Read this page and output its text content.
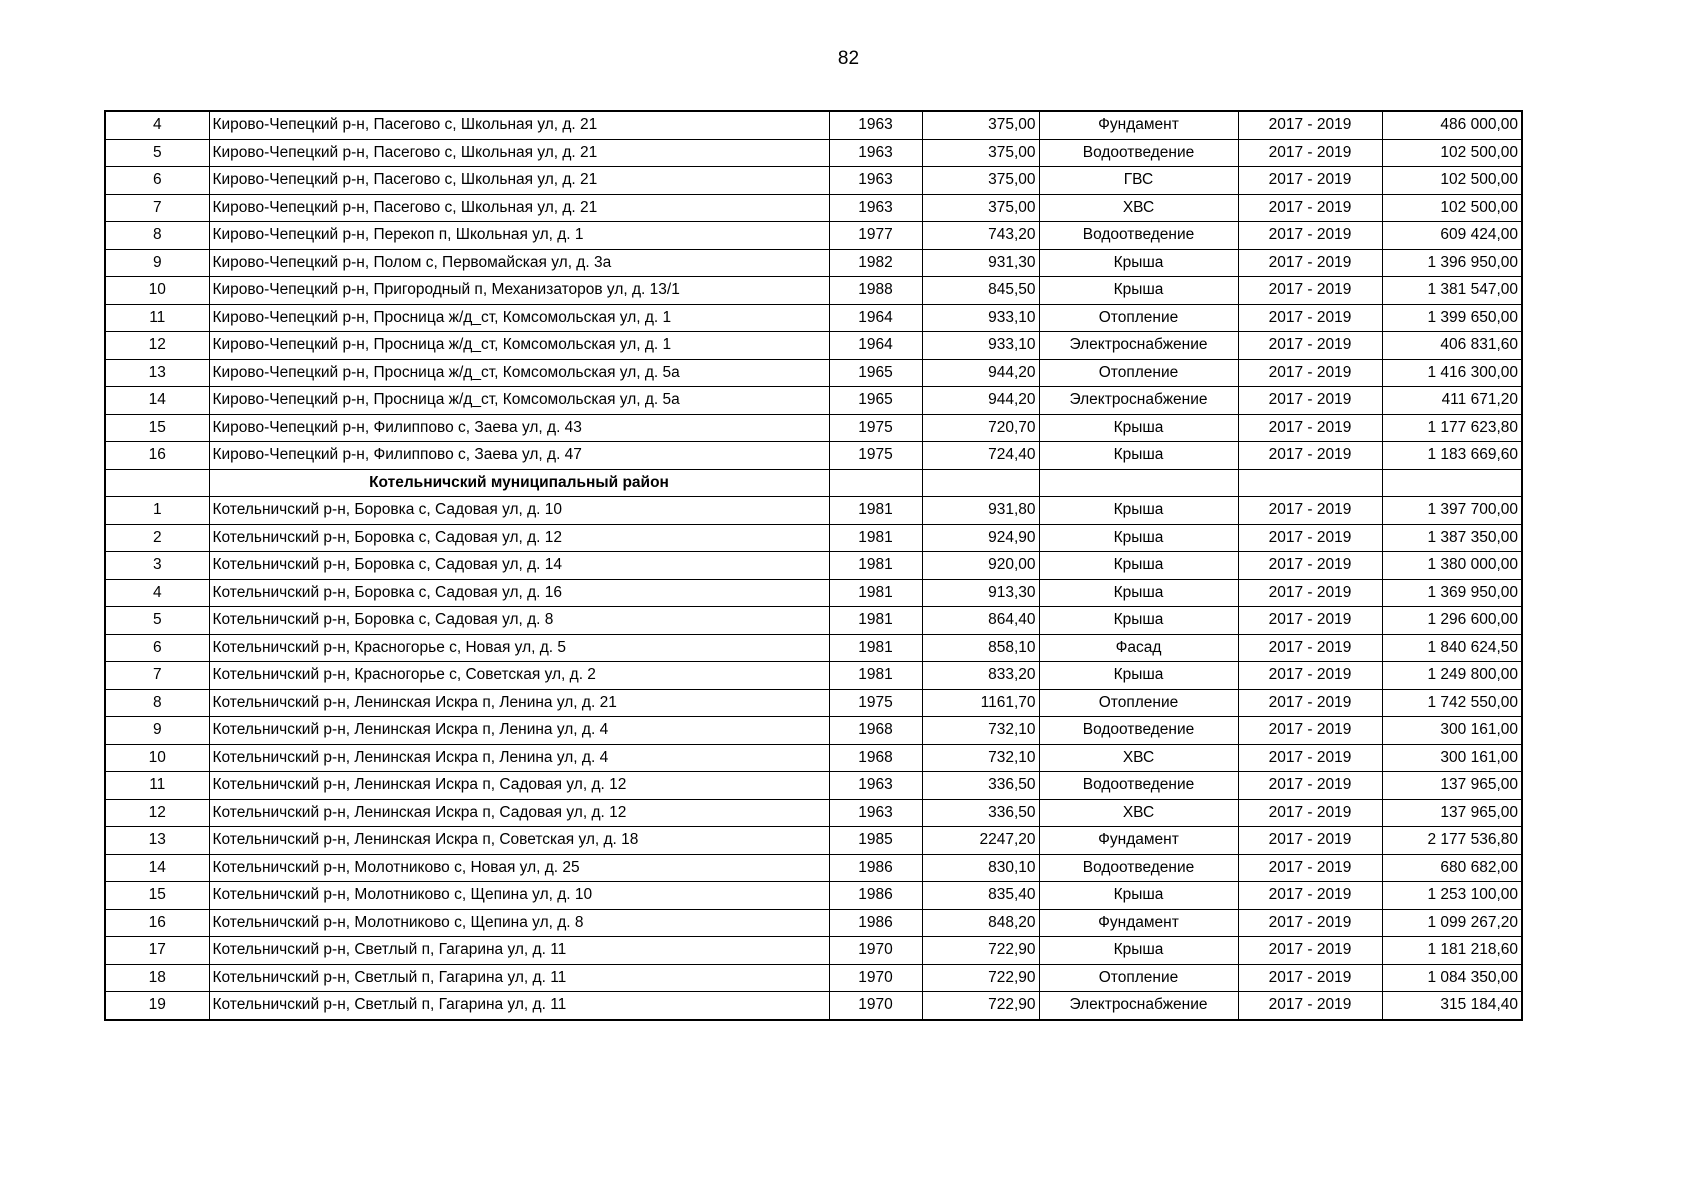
82
4	Кирово-Чепецкий р-н, Пасегово с, Школьная ул, д. 21	1963	375,00	Фундамент	2017 - 2019	486 000,00
5	Кирово-Чепецкий р-н, Пасегово с, Школьная ул, д. 21	1963	375,00	Водоотведение	2017 - 2019	102 500,00
6	Кирово-Чепецкий р-н, Пасегово с, Школьная ул, д. 21	1963	375,00	ГВС	2017 - 2019	102 500,00
7	Кирово-Чепецкий р-н, Пасегово с, Школьная ул, д. 21	1963	375,00	ХВС	2017 - 2019	102 500,00
8	Кирово-Чепецкий р-н, Перекоп п, Школьная ул, д. 1	1977	743,20	Водоотведение	2017 - 2019	609 424,00
9	Кирово-Чепецкий р-н, Полом с, Первомайская ул, д. 3а	1982	931,30	Крыша	2017 - 2019	1 396 950,00
10	Кирово-Чепецкий р-н, Пригородный п, Механизаторов ул, д. 13/1	1988	845,50	Крыша	2017 - 2019	1 381 547,00
11	Кирово-Чепецкий р-н, Просница ж/д_ст, Комсомольская ул, д. 1	1964	933,10	Отопление	2017 - 2019	1 399 650,00
12	Кирово-Чепецкий р-н, Просница ж/д_ст, Комсомольская ул, д. 1	1964	933,10	Электроснабжение	2017 - 2019	406 831,60
13	Кирово-Чепецкий р-н, Просница ж/д_ст, Комсомольская ул, д. 5а	1965	944,20	Отопление	2017 - 2019	1 416 300,00
14	Кирово-Чепецкий р-н, Просница ж/д_ст, Комсомольская ул, д. 5а	1965	944,20	Электроснабжение	2017 - 2019	411 671,20
15	Кирово-Чепецкий р-н, Филиппово с, Заева ул, д. 43	1975	720,70	Крыша	2017 - 2019	1 177 623,80
16	Кирово-Чепецкий р-н, Филиппово с, Заева ул, д. 47	1975	724,40	Крыша	2017 - 2019	1 183 669,60
	Котельничский муниципальный район					
1	Котельничский р-н, Боровка с, Садовая ул, д. 10	1981	931,80	Крыша	2017 - 2019	1 397 700,00
2	Котельничский р-н, Боровка с, Садовая ул, д. 12	1981	924,90	Крыша	2017 - 2019	1 387 350,00
3	Котельничский р-н, Боровка с, Садовая ул, д. 14	1981	920,00	Крыша	2017 - 2019	1 380 000,00
4	Котельничский р-н, Боровка с, Садовая ул, д. 16	1981	913,30	Крыша	2017 - 2019	1 369 950,00
5	Котельничский р-н, Боровка с, Садовая ул, д. 8	1981	864,40	Крыша	2017 - 2019	1 296 600,00
6	Котельничский р-н, Красногорье с, Новая ул, д. 5	1981	858,10	Фасад	2017 - 2019	1 840 624,50
7	Котельничский р-н, Красногорье с, Советская ул, д. 2	1981	833,20	Крыша	2017 - 2019	1 249 800,00
8	Котельничский р-н, Ленинская Искра п, Ленина ул, д. 21	1975	1161,70	Отопление	2017 - 2019	1 742 550,00
9	Котельничский р-н, Ленинская Искра п, Ленина ул, д. 4	1968	732,10	Водоотведение	2017 - 2019	300 161,00
10	Котельничский р-н, Ленинская Искра п, Ленина ул, д. 4	1968	732,10	ХВС	2017 - 2019	300 161,00
11	Котельничский р-н, Ленинская Искра п, Садовая ул, д. 12	1963	336,50	Водоотведение	2017 - 2019	137 965,00
12	Котельничский р-н, Ленинская Искра п, Садовая ул, д. 12	1963	336,50	ХВС	2017 - 2019	137 965,00
13	Котельничский р-н, Ленинская Искра п, Советская ул, д. 18	1985	2247,20	Фундамент	2017 - 2019	2 177 536,80
14	Котельничский р-н, Молотниково с, Новая ул, д. 25	1986	830,10	Водоотведение	2017 - 2019	680 682,00
15	Котельничский р-н, Молотниково с, Щепина ул, д. 10	1986	835,40	Крыша	2017 - 2019	1 253 100,00
16	Котельничский р-н, Молотниково с, Щепина ул, д. 8	1986	848,20	Фундамент	2017 - 2019	1 099 267,20
17	Котельничский р-н, Светлый п, Гагарина ул, д. 11	1970	722,90	Крыша	2017 - 2019	1 181 218,60
18	Котельничский р-н, Светлый п, Гагарина ул, д. 11	1970	722,90	Отопление	2017 - 2019	1 084 350,00
19	Котельничский р-н, Светлый п, Гагарина ул, д. 11	1970	722,90	Электроснабжение	2017 - 2019	315 184,40
